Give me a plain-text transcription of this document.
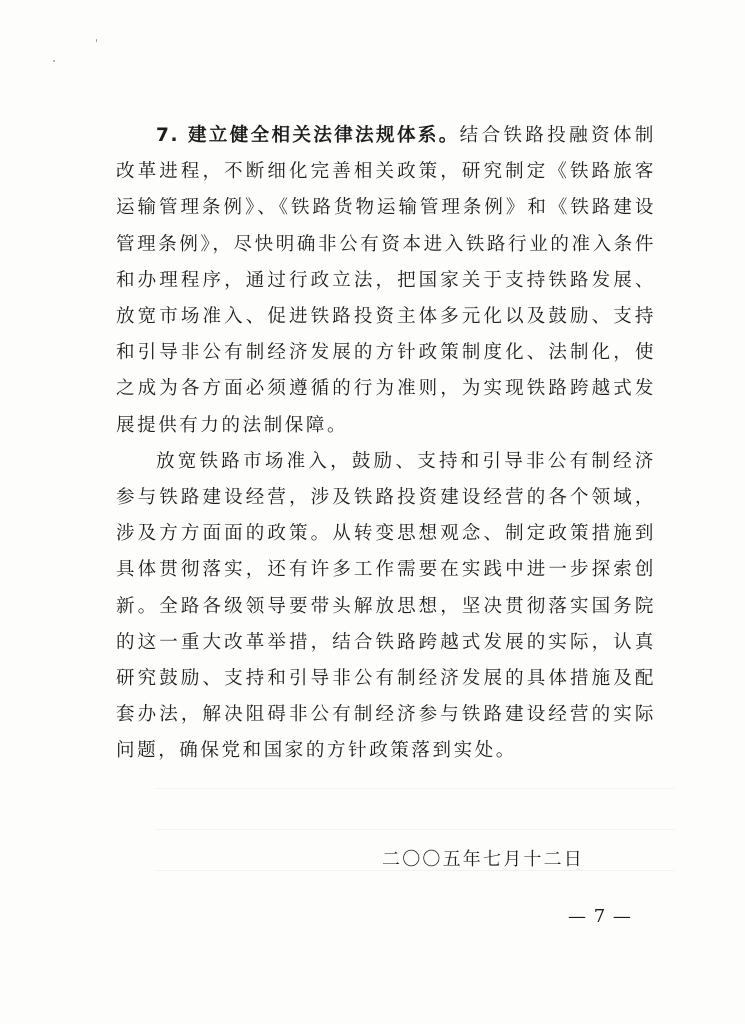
7. 建立健全相关法律法规体系。结合铁路投融资体制改革进程，不断细化完善相关政策，研究制定《铁路旅客运输管理条例》、《铁路货物运输管理条例》和《铁路建设管理条例》，尽快明确非公有资本进入铁路行业的准入条件和办理程序，通过行政立法，把国家关于支持铁路发展、放宽市场准入、促进铁路投资主体多元化以及鼓励、支持和引导非公有制经济发展的方针政策制度化、法制化，使之成为各方面必须遵循的行为准则，为实现铁路跨越式发展提供有力的法制保障。

放宽铁路市场准入，鼓励、支持和引导非公有制经济参与铁路建设经营，涉及铁路投资建设经营的各个领域，涉及方方面面的政策。从转变思想观念、制定政策措施到具体贯彻落实，还有许多工作需要在实践中进一步探索创新。全路各级领导要带头解放思想，坚决贯彻落实国务院的这一重大改革举措，结合铁路跨越式发展的实际，认真研究鼓励、支持和引导非公有制经济发展的具体措施及配套办法，解决阻碍非公有制经济参与铁路建设经营的实际问题，确保党和国家的方针政策落到实处。

二〇〇五年七月十二日
— 7 —
